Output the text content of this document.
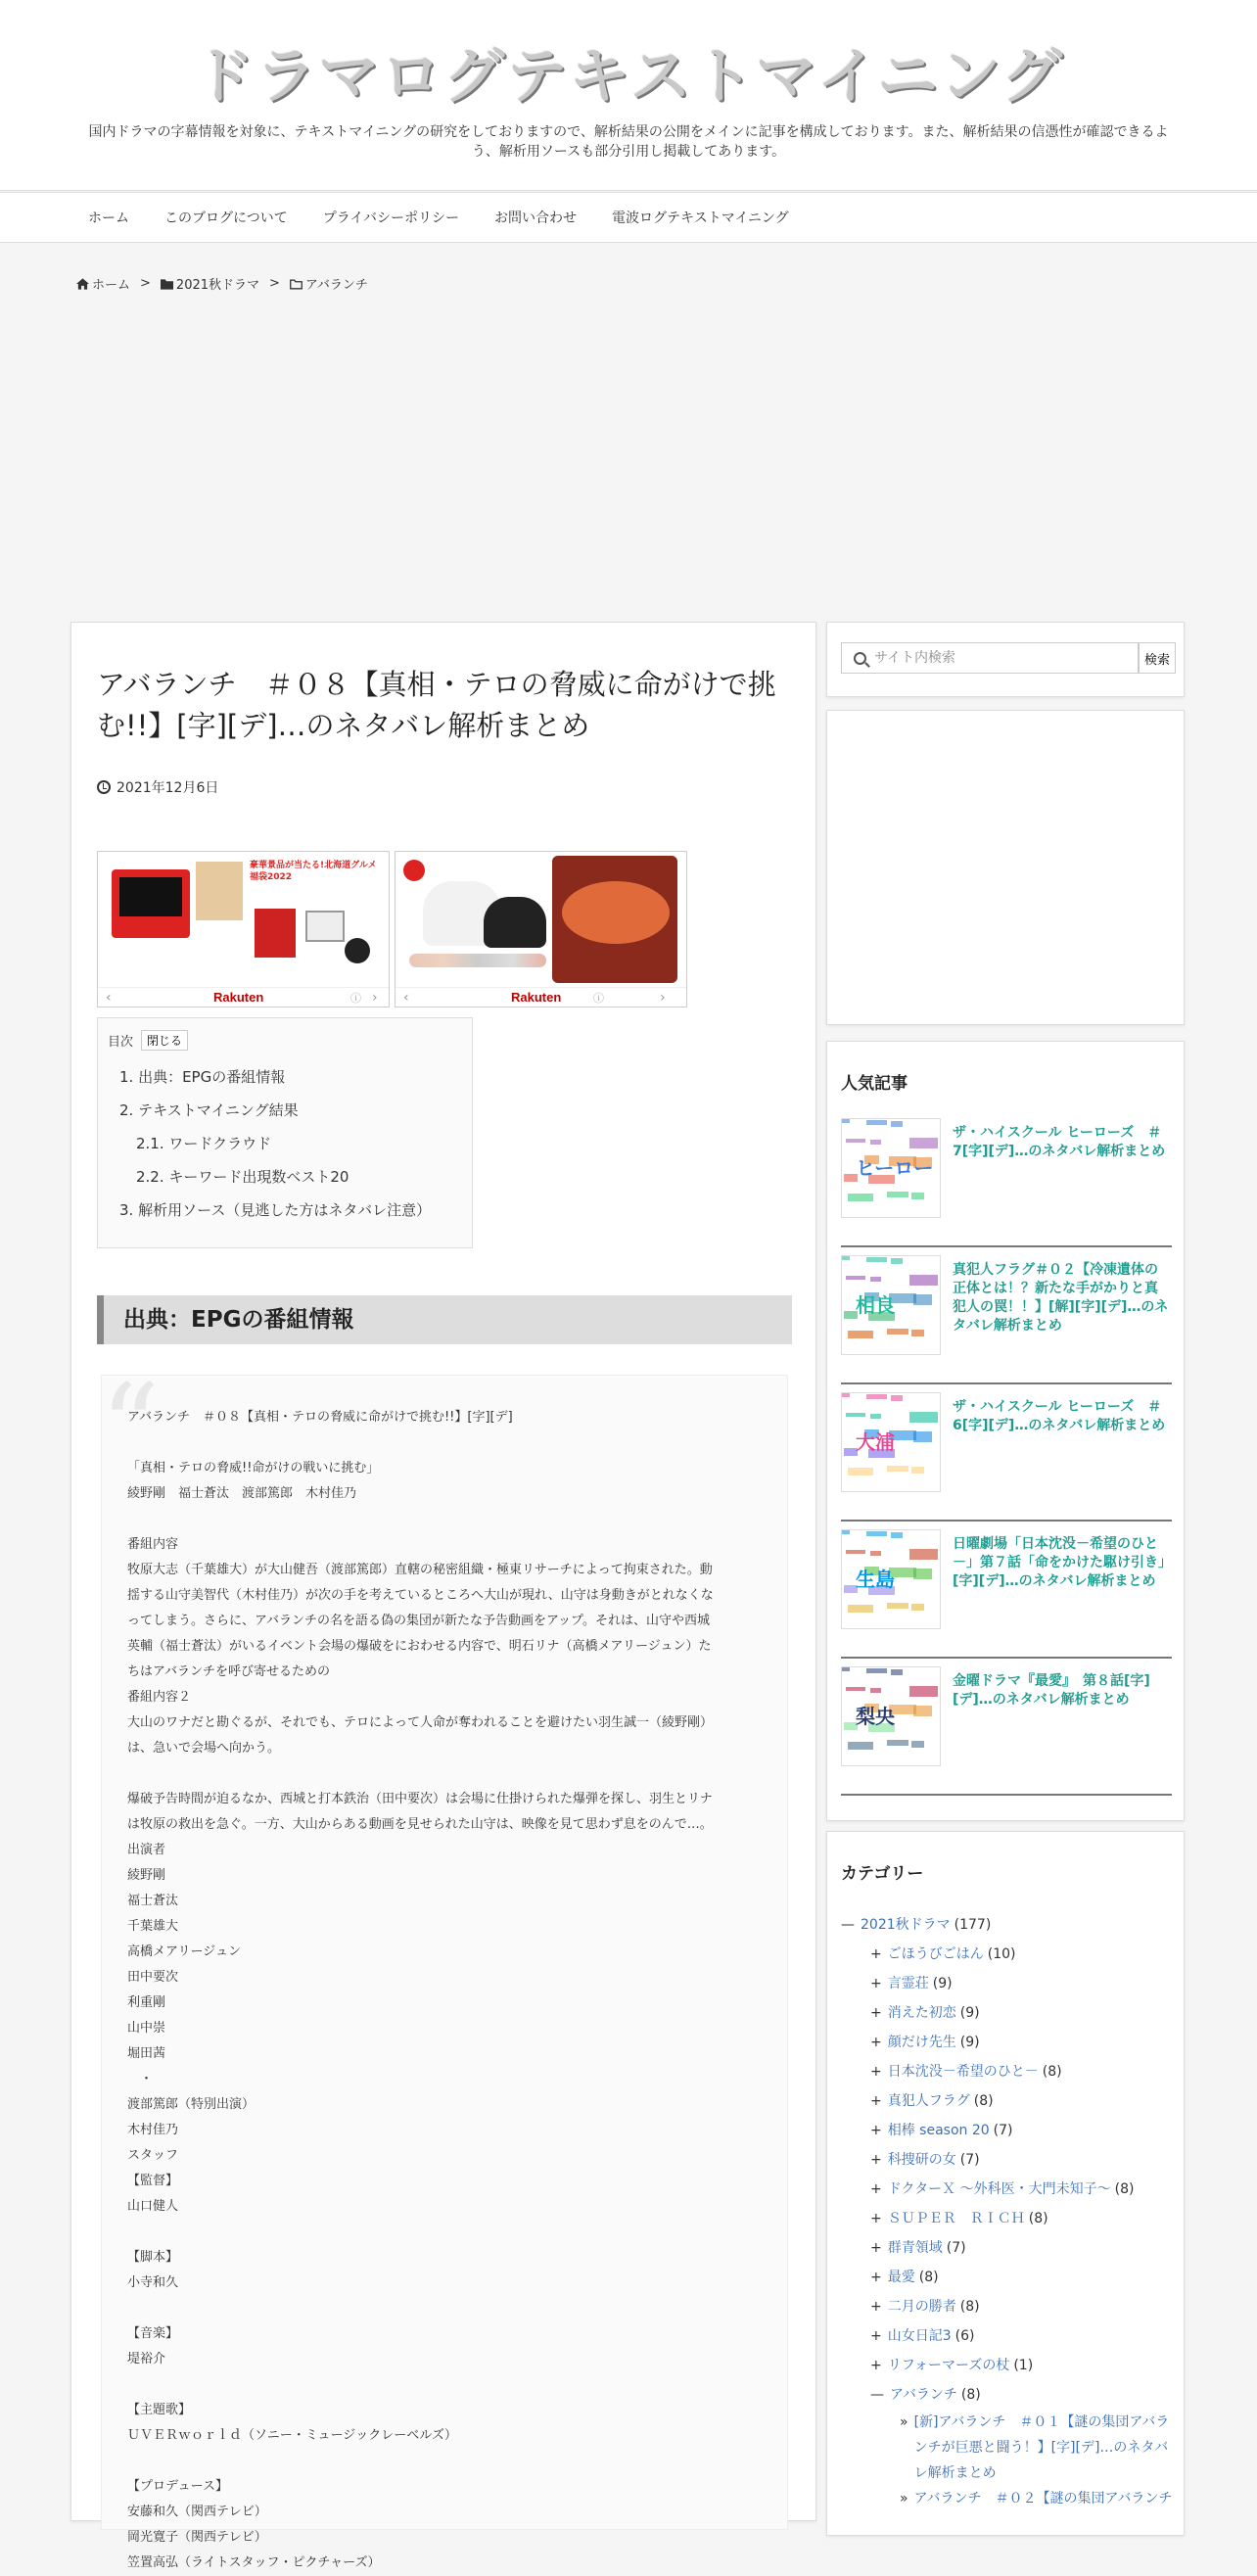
ドラマログテキストマイニング

国内ドラマの字幕情報を対象に、テキストマイニングの研究をしておりますので、解析結果の公開をメインに記事を構成しております。また、解析結果の信憑性が確認できるよう、解析用ソースも部分引用し掲載してあります。

ホーム	このブログについて	プライバシーポリシー	お問い合わせ	電波ログテキストマイニング
ホーム > 2021秋ドラマ > アバランチ
アバランチ　＃０８【真相・テロの脅威に命がけで挑む!!】[字][デ]…のネタバレ解析まとめ
2021年12月6日
豪華景品が当たる!北海道グルメ福袋2022
‹	Rakuten	ⓘ › ‹	Rakuten	ⓘ	›
目次	閉じる
1. 出典：EPGの番組情報
2. テキストマイニング結果
2.1. ワードクラウド
2.2. キーワード出現数ベスト20
3. 解析用ソース（見逃した方はネタバレ注意）
出典：EPGの番組情報
“

アバランチ　＃０８【真相・テロの脅威に命がけで挑む!!】[字][デ]

「真相・テロの脅威!!命がけの戦いに挑む」

綾野剛　福士蒼汰　渡部篤郎　木村佳乃

番組内容

牧原大志（千葉雄大）が大山健吾（渡部篤郎）直轄の秘密組織・極東リサーチによって拘束された。動

揺する山守美智代（木村佳乃）が次の手を考えているところへ大山が現れ、山守は身動きがとれなくな

ってしまう。さらに、アバランチの名を語る偽の集団が新たな予告動画をアップ。それは、山守や西城

英輔（福士蒼汰）がいるイベント会場の爆破をにおわせる内容で、明石リナ（高橋メアリージュン）た

ちはアバランチを呼び寄せるための

番組内容２

大山のワナだと勘ぐるが、それでも、テロによって人命が奪われることを避けたい羽生誠一（綾野剛）

は、急いで会場へ向かう。

爆破予告時間が迫るなか、西城と打本鉄治（田中要次）は会場に仕掛けられた爆弾を探し、羽生とリナ

は牧原の救出を急ぐ。一方、大山からある動画を見せられた山守は、映像を見て思わず息をのんで…。

出演者

綾野剛

福士蒼汰

千葉雄大

高橋メアリージュン

田中要次

利重剛

山中崇

堀田茜

　・

渡部篤郎（特別出演）

木村佳乃

スタッフ

【監督】

山口健人

【脚本】

小寺和久

【音楽】

堤裕介

【主題歌】

ＵＶＥＲｗｏｒｌｄ（ソニー・ミュージックレーベルズ）

【プロデュース】

安藤和久（関西テレビ）

岡光寛子（関西テレビ）

笠置高弘（ライトスタッフ・ピクチャーズ）

サイト内検索
検索
人気記事
ヒーロー
ザ・ハイスクール ヒーローズ　＃7[字][デ]…のネタバレ解析まとめ
相良
真犯人フラグ＃０２【冷凍遺体の正体とは！？新たな手がかりと真犯人の罠！！】[解][字][デ]…のネタバレ解析まとめ
大浦
ザ・ハイスクール ヒーローズ　＃6[字][デ]…のネタバレ解析まとめ
生島
日曜劇場「日本沈没－希望のひと－」第７話「命をかけた駆け引き」[字][デ]…のネタバレ解析まとめ
梨央
金曜ドラマ『最愛』　第８話[字][デ]…のネタバレ解析まとめ
カテゴリー
— 2021秋ドラマ (177)
+ ごほうびごはん (10)
+ 言霊荘 (9)
+ 消えた初恋 (9)
+ 顔だけ先生 (9)
+ 日本沈没－希望のひと－ (8)
+ 真犯人フラグ (8)
+ 相棒 season 20 (7)
+ 科捜研の女 (7)
+ ドクターＸ ～外科医・大門未知子～ (8)
+ ＳＵＰＥＲ　ＲＩＣＨ (8)
+ 群青領域 (7)
+ 最愛 (8)
+ 二月の勝者 (8)
+ 山女日記3 (6)
+ リフォーマーズの杖 (1)
— アバランチ (8)
» [新]アバランチ　＃０１【謎の集団アバランチが巨悪と闘う！】[字][デ]…のネタバレ解析まとめ
» アバランチ　＃０２【謎の集団アバランチ
